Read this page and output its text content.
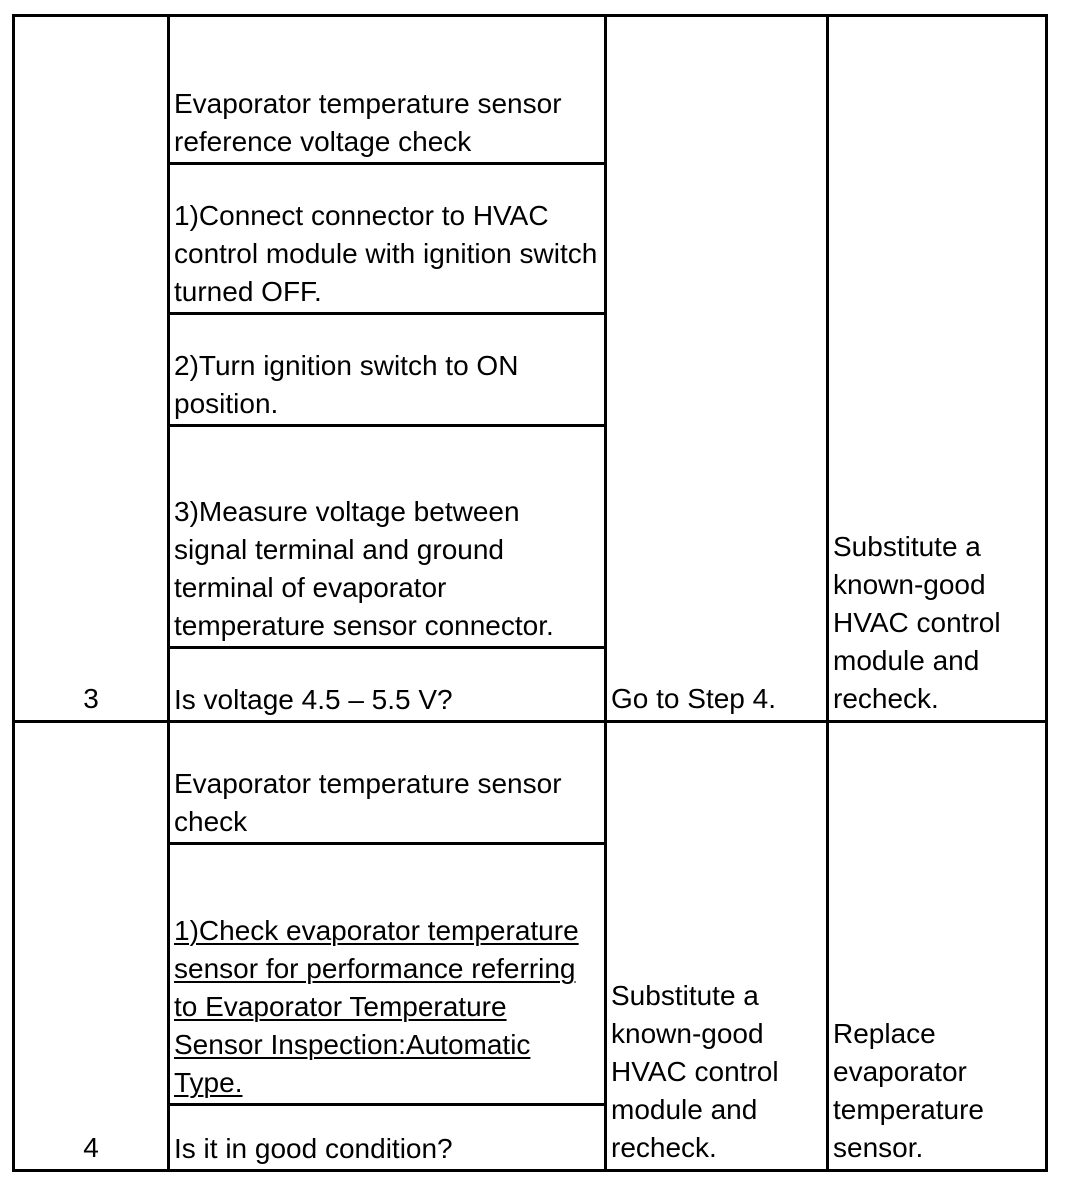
3
Evaporator temperature sensor reference voltage check
1)Connect connector to HVAC control module with ignition switch turned OFF.
2)Turn ignition switch to ON position.
3)Measure voltage between signal terminal and ground terminal of evaporator temperature sensor connector.
Is voltage 4.5 – 5.5 V?	Go to Step 4.
Substitute a known-good HVAC control module and recheck.
4
Evaporator temperature sensor check
1)Check evaporator temperature sensor for performance referring to Evaporator Temperature Sensor Inspection:Automatic Type.
Is it in good condition?
Substitute a known-good HVAC control module and recheck.
Replace evaporator temperature sensor.
